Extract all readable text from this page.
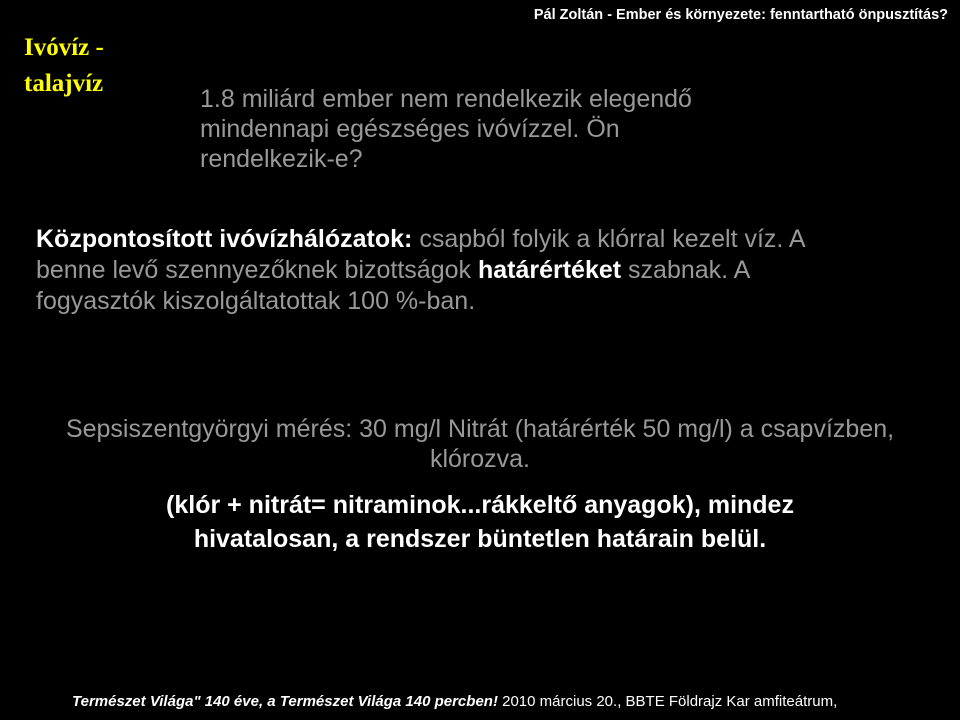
Pál Zoltán - Ember és környezete: fenntartható önpusztítás?
Ivóvíz -
talajvíz
1.8 miliárd ember nem rendelkezik elegendő mindennapi egészséges ivóvízzel. Ön rendelkezik-e?
Központosított ivóvízhálózatok: csapból folyik a klórral kezelt víz. A benne levő szennyezőknek bizottságok határértéket szabnak. A fogyasztók kiszolgáltatottak 100 %-ban.
Sepsiszentgyörgyi mérés: 30 mg/l Nitrát (határérték 50 mg/l) a csapvízben, klórozva.
(klór + nitrát= nitraminok...rákkeltő anyagok), mindez
hivatalosan, a rendszer büntetlen határain belül.
Természet Világa" 140 éve, a Természet Világa 140 percben! 2010 március 20., BBTE Földrajz Kar amfiteátrum,
